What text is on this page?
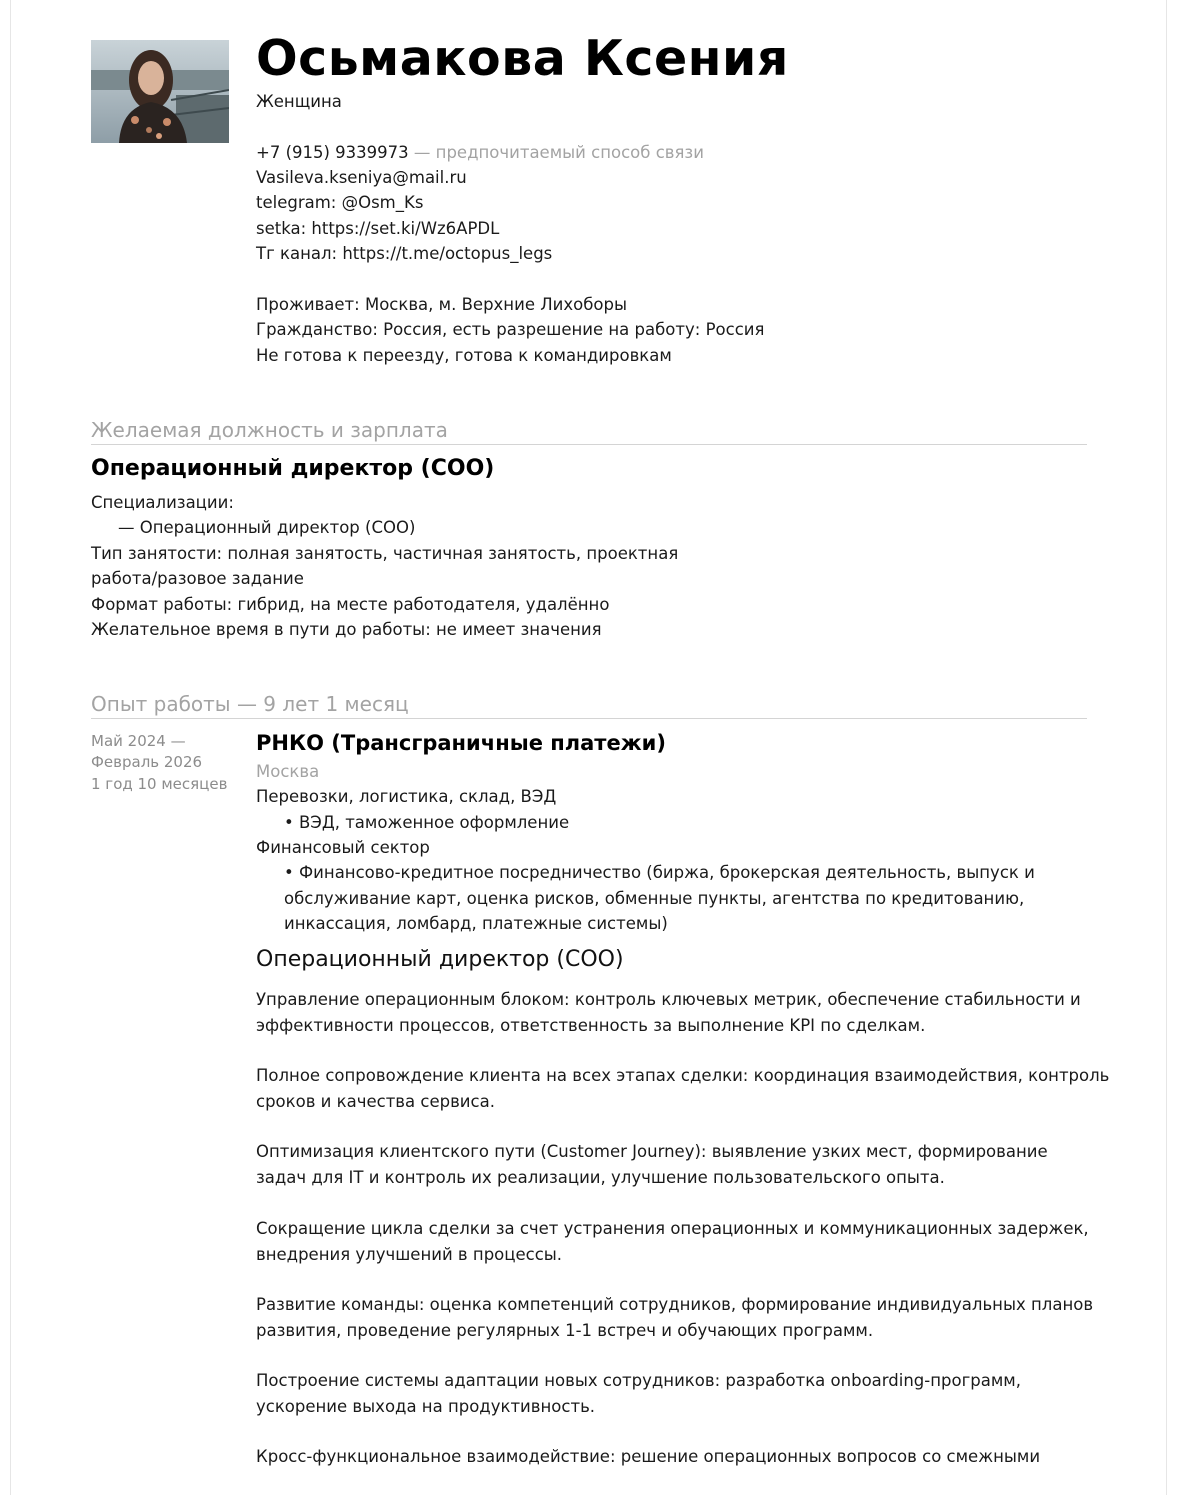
Осьмакова Ксения
Женщина
+7 (915) 9339973 — предпочитаемый способ связи
Vasileva.kseniya@mail.ru
telegram: @Osm_Ks
setka: https://set.ki/Wz6APDL
Тг канал: https://t.me/octopus_legs
Проживает: Москва, м. Верхние Лихоборы
Гражданство: Россия, есть разрешение на работу: Россия
Не готова к переезду, готова к командировкам
Желаемая должность и зарплата
Операционный директор (COO)
Специализации:
— Операционный директор (COO)
Тип занятости: полная занятость, частичная занятость, проектная
работа/разовое задание
Формат работы: гибрид, на месте работодателя, удалённо
Желательное время в пути до работы: не имеет значения
Опыт работы — 9 лет 1 месяц
Май 2024 —
Февраль 2026
1 год 10 месяцев
РНКО (Трансграничные платежи)
Москва
Перевозки, логистика, склад, ВЭД
• ВЭД, таможенное оформление
Финансовый сектор
• Финансово-кредитное посредничество (биржа, брокерская деятельность, выпуск и
обслуживание карт, оценка рисков, обменные пункты, агентства по кредитованию,
инкассация, ломбард, платежные системы)
Операционный директор (COO)
Управление операционным блоком: контроль ключевых метрик, обеспечение стабильности и
эффективности процессов, ответственность за выполнение KPI по сделкам.
Полное сопровождение клиента на всех этапах сделки: координация взаимодействия, контроль
сроков и качества сервиса.
Оптимизация клиентского пути (Customer Journey): выявление узких мест, формирование
задач для IT и контроль их реализации, улучшение пользовательского опыта.
Сокращение цикла сделки за счет устранения операционных и коммуникационных задержек,
внедрения улучшений в процессы.
Развитие команды: оценка компетенций сотрудников, формирование индивидуальных планов
развития, проведение регулярных 1-1 встреч и обучающих программ.
Построение системы адаптации новых сотрудников: разработка onboarding-программ,
ускорение выхода на продуктивность.
Кросс-функциональное взаимодействие: решение операционных вопросов со смежными
